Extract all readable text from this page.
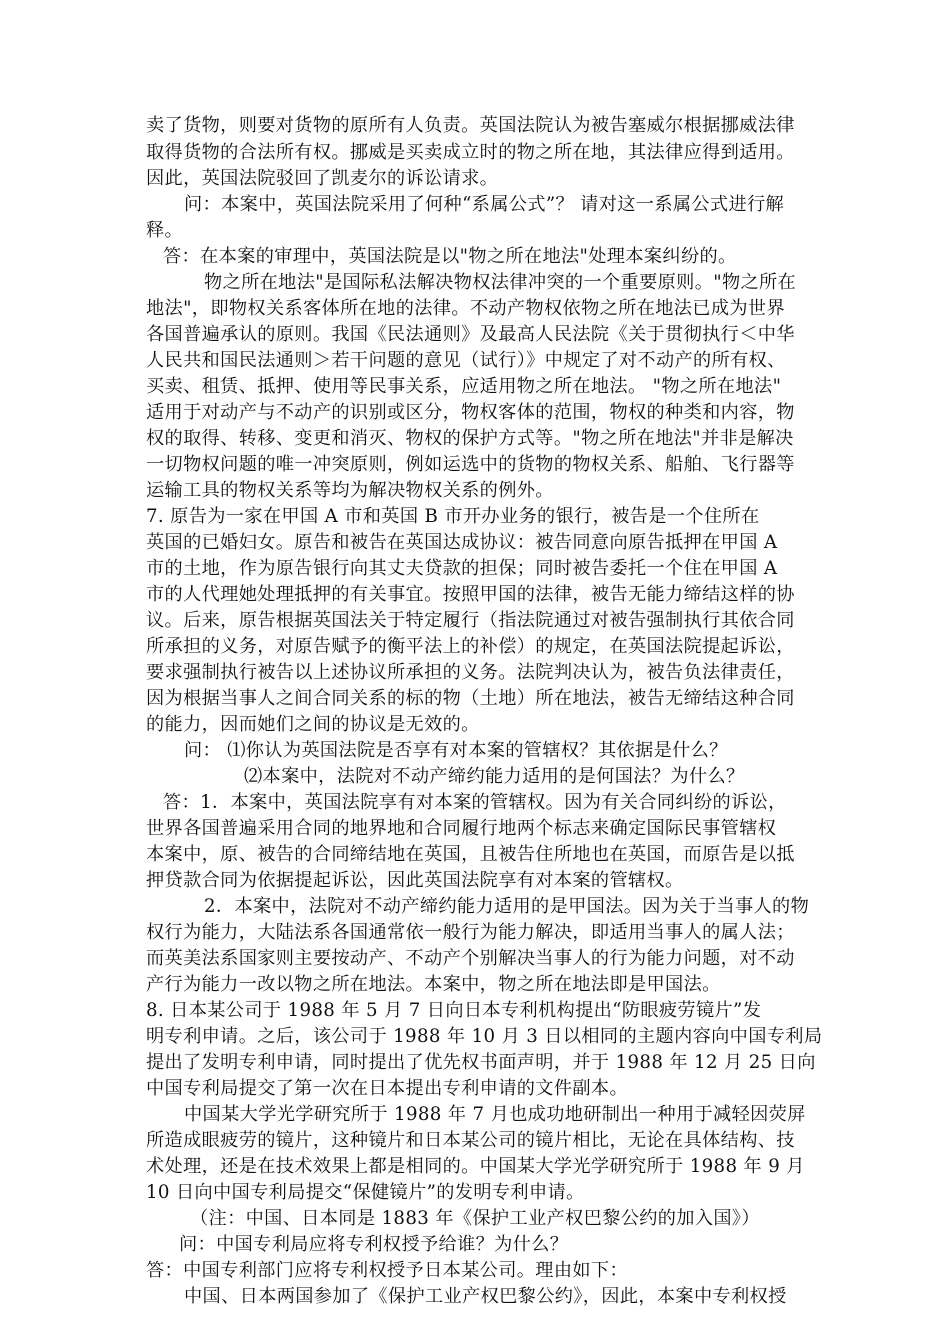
卖了货物，则要对货物的原所有人负责。英国法院认为被告塞威尔根据挪威法律
取得货物的合法所有权。挪威是买卖成立时的物之所在地，其法律应得到适用。
因此，英国法院驳回了凯麦尔的诉讼请求。
问：本案中，英国法院采用了何种“系属公式”？ 请对这一系属公式进行解
释。
答：在本案的审理中，英国法院是以"物之所在地法"处理本案纠纷的。
物之所在地法"是国际私法解决物权法律冲突的一个重要原则。"物之所在
地法"，即物权关系客体所在地的法律。不动产物权依物之所在地法已成为世界
各国普遍承认的原则。我国《民法通则》及最高人民法院《关于贯彻执行＜中华
人民共和国民法通则＞若干问题的意见（试行）》中规定了对不动产的所有权、
买卖、租赁、抵押、使用等民事关系，应适用物之所在地法。 "物之所在地法"
适用于对动产与不动产的识别或区分，物权客体的范围，物权的种类和内容，物
权的取得、转移、变更和消灭、物权的保护方式等。"物之所在地法"并非是解决
一切物权问题的唯一冲突原则，例如运选中的货物的物权关系、船舶、飞行器等
运输工具的物权关系等均为解决物权关系的例外。
7. 原告为一家在甲国 A 市和英国 B 市开办业务的银行，被告是一个住所在
英国的已婚妇女。原告和被告在英国达成协议：被告同意向原告抵押在甲国 A
市的土地，作为原告银行向其丈夫贷款的担保；同时被告委托一个住在甲国 A
市的人代理她处理抵押的有关事宜。按照甲国的法律，被告无能力缔结这样的协
议。后来，原告根据英国法关于特定履行（指法院通过对被告强制执行其依合同
所承担的义务，对原告赋予的衡平法上的补偿）的规定，在英国法院提起诉讼，
要求强制执行被告以上述协议所承担的义务。法院判决认为，被告负法律责任，
因为根据当事人之间合同关系的标的物（土地）所在地法，被告无缔结这种合同
的能力，因而她们之间的协议是无效的。
问： ⑴你认为英国法院是否享有对本案的管辖权？其依据是什么？
⑵本案中，法院对不动产缔约能力适用的是何国法？为什么？
答：1．本案中，英国法院享有对本案的管辖权。因为有关合同纠纷的诉讼，
世界各国普遍采用合同的地界地和合同履行地两个标志来确定国际民事管辖权
本案中，原、被告的合同缔结地在英国，且被告住所地也在英国，而原告是以抵
押贷款合同为依据提起诉讼，因此英国法院享有对本案的管辖权。
2．本案中，法院对不动产缔约能力适用的是甲国法。因为关于当事人的物
权行为能力，大陆法系各国通常依一般行为能力解决，即适用当事人的属人法；
而英美法系国家则主要按动产、不动产个别解决当事人的行为能力问题，对不动
产行为能力一改以物之所在地法。本案中，物之所在地法即是甲国法。
8. 日本某公司于 1988 年 5 月 7 日向日本专利机构提出“防眼疲劳镜片”发
明专利申请。之后，该公司于 1988 年 10 月 3 日以相同的主题内容向中国专利局
提出了发明专利申请，同时提出了优先权书面声明，并于 1988 年 12 月 25 日向
中国专利局提交了第一次在日本提出专利申请的文件副本。
中国某大学光学研究所于 1988 年 7 月也成功地研制出一种用于减轻因荧屏
所造成眼疲劳的镜片，这种镜片和日本某公司的镜片相比，无论在具体结构、技
术处理，还是在技术效果上都是相同的。中国某大学光学研究所于 1988 年 9 月
10 日向中国专利局提交“保健镜片”的发明专利申请。
（注：中国、日本同是 1883 年《保护工业产权巴黎公约的加入国》）
问：中国专利局应将专利权授予给谁？为什么？
答：中国专利部门应将专利权授予日本某公司。理由如下：
中国、日本两国参加了《保护工业产权巴黎公约》，因此，本案中专利权授
